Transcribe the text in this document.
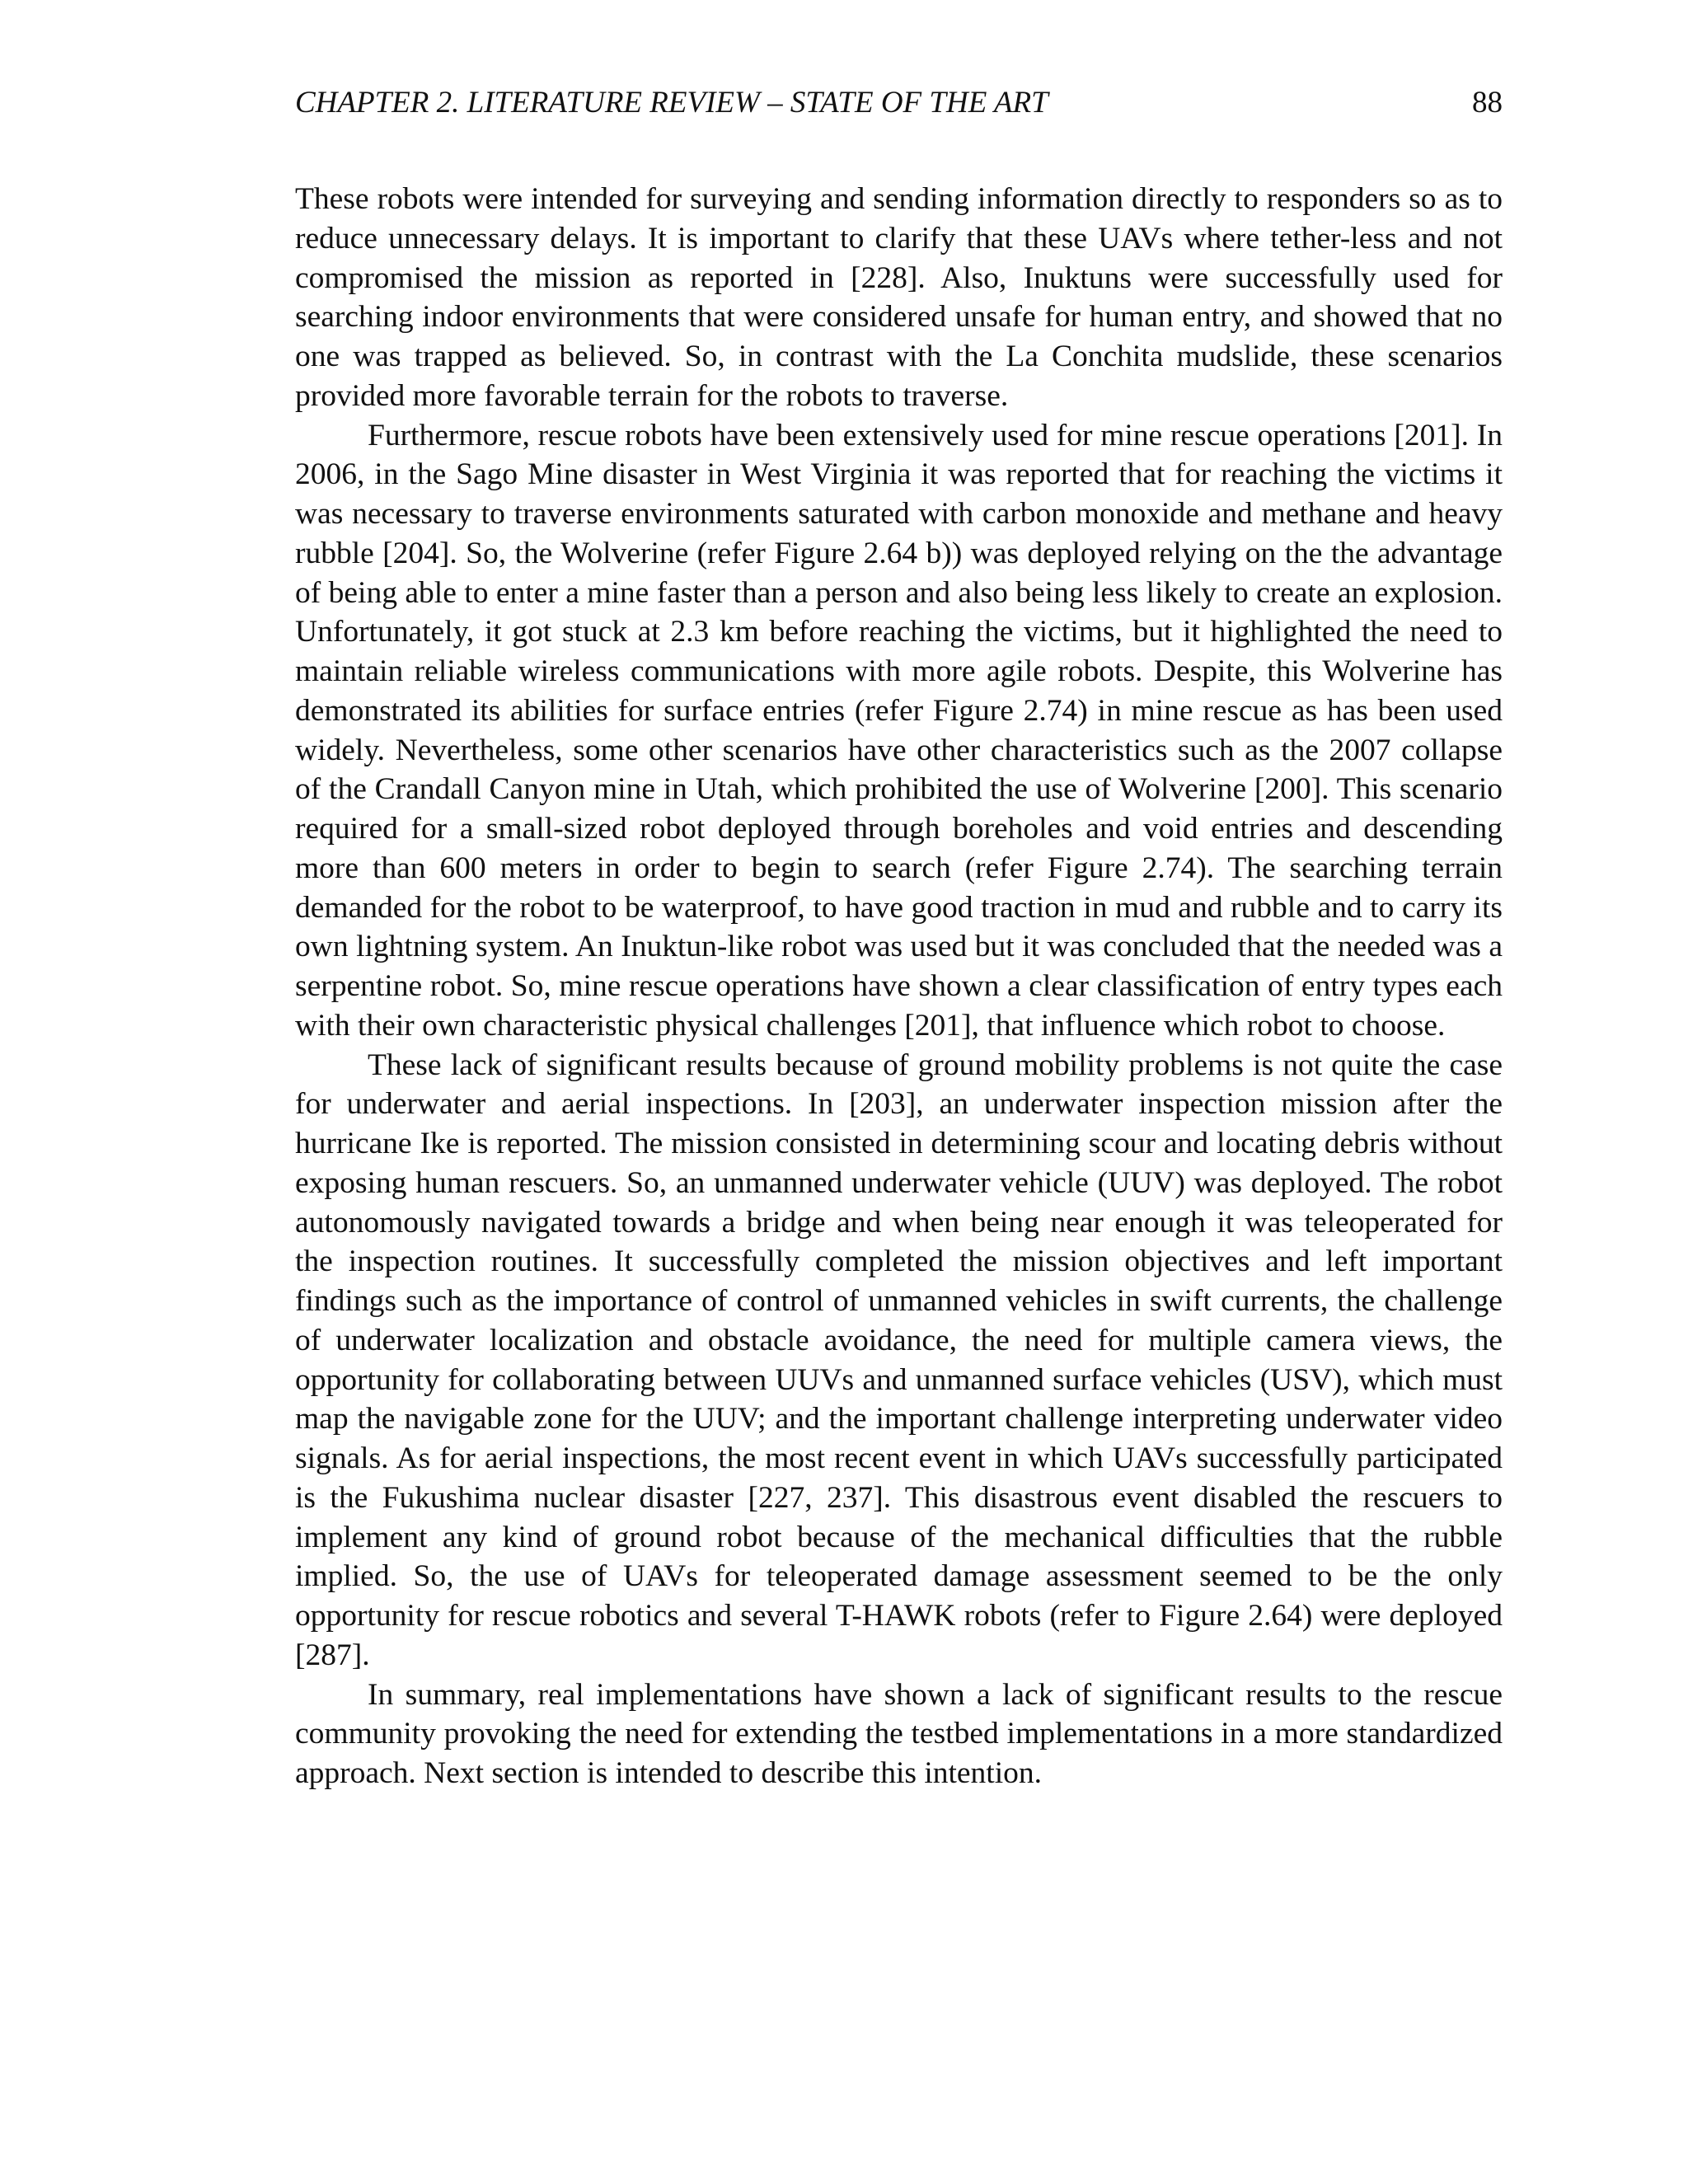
CHAPTER 2. LITERATURE REVIEW – STATE OF THE ART	88

These robots were intended for surveying and sending information directly to responders so as to reduce unnecessary delays. It is important to clarify that these UAVs where tether-less and not compromised the mission as reported in [228]. Also, Inuktuns were successfully used for searching indoor environments that were considered unsafe for human entry, and showed that no one was trapped as believed. So, in contrast with the La Conchita mudslide, these scenarios provided more favorable terrain for the robots to traverse.

Furthermore, rescue robots have been extensively used for mine rescue operations [201]. In 2006, in the Sago Mine disaster in West Virginia it was reported that for reaching the victims it was necessary to traverse environments saturated with carbon monoxide and methane and heavy rubble [204]. So, the Wolverine (refer Figure 2.64 b)) was deployed relying on the the advantage of being able to enter a mine faster than a person and also being less likely to create an explosion. Unfortunately, it got stuck at 2.3 km before reaching the victims, but it highlighted the need to maintain reliable wireless communications with more agile robots. Despite, this Wolverine has demonstrated its abilities for surface entries (refer Figure 2.74) in mine rescue as has been used widely. Nevertheless, some other scenarios have other characteristics such as the 2007 collapse of the Crandall Canyon mine in Utah, which prohibited the use of Wolverine [200]. This scenario required for a small-sized robot deployed through boreholes and void entries and descending more than 600 meters in order to begin to search (refer Figure 2.74). The searching terrain demanded for the robot to be waterproof, to have good traction in mud and rubble and to carry its own lightning system. An Inuktun-like robot was used but it was concluded that the needed was a serpentine robot. So, mine rescue operations have shown a clear classification of entry types each with their own characteristic physical challenges [201], that influence which robot to choose.

These lack of significant results because of ground mobility problems is not quite the case for underwater and aerial inspections. In [203], an underwater inspection mission after the hurricane Ike is reported. The mission consisted in determining scour and locating debris without exposing human rescuers. So, an unmanned underwater vehicle (UUV) was deployed. The robot autonomously navigated towards a bridge and when being near enough it was teleoperated for the inspection routines. It successfully completed the mission objectives and left important findings such as the importance of control of unmanned vehicles in swift currents, the challenge of underwater localization and obstacle avoidance, the need for multiple camera views, the opportunity for collaborating between UUVs and unmanned surface vehicles (USV), which must map the navigable zone for the UUV; and the important challenge interpreting underwater video signals. As for aerial inspections, the most recent event in which UAVs successfully participated is the Fukushima nuclear disaster [227, 237]. This disastrous event disabled the rescuers to implement any kind of ground robot because of the mechanical difficulties that the rubble implied. So, the use of UAVs for teleoperated damage assessment seemed to be the only opportunity for rescue robotics and several T-HAWK robots (refer to Figure 2.64) were deployed [287].

In summary, real implementations have shown a lack of significant results to the rescue community provoking the need for extending the testbed implementations in a more standardized approach. Next section is intended to describe this intention.
